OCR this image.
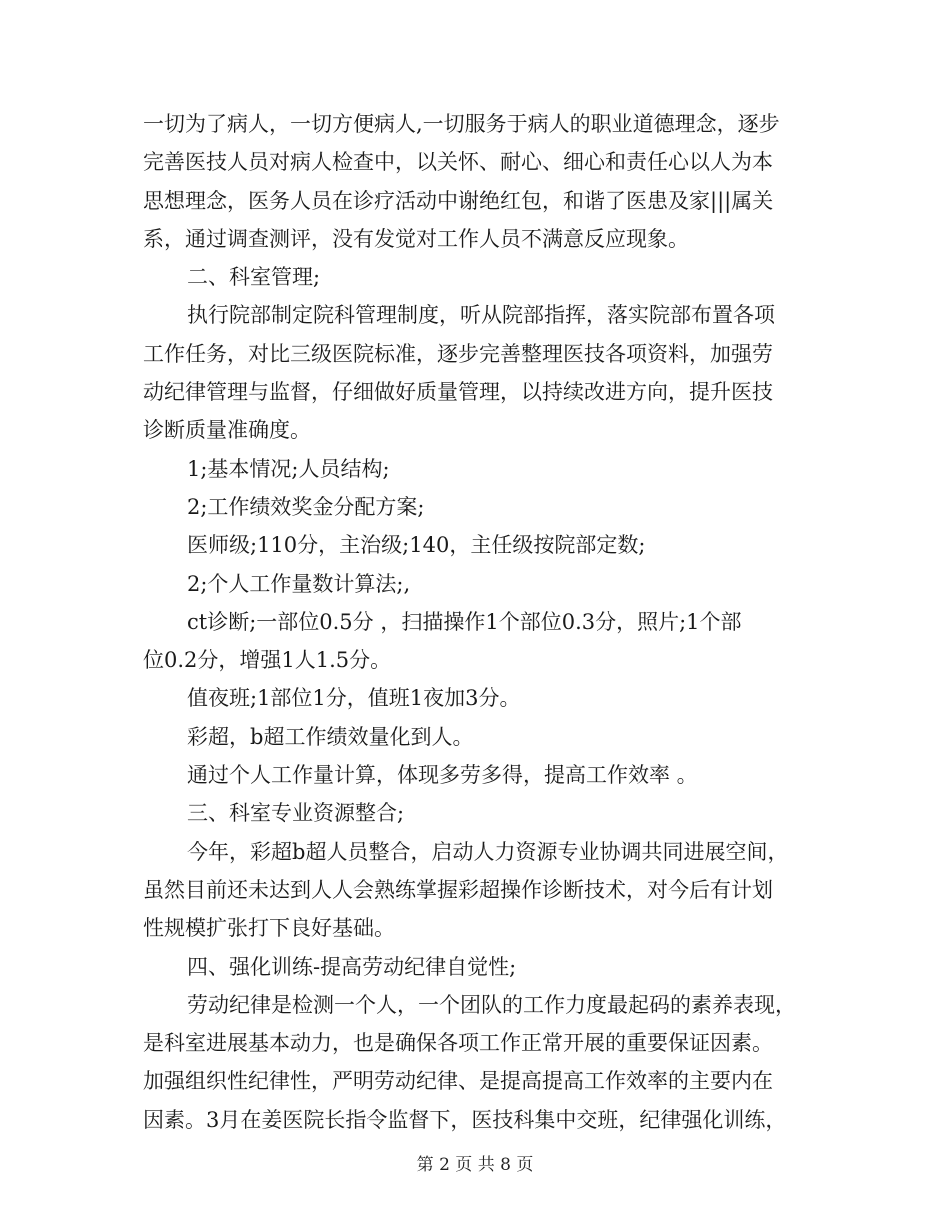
一切为了病人，一切方便病人,一切服务于病人的职业道德理念，逐步
完善医技人员对病人检查中，以关怀、耐心、细心和责任心以人为本
思想理念，医务人员在诊疗活动中谢绝红包，和谐了医患及家|||属关
系，通过调查测评，没有发觉对工作人员不满意反应现象。
二、科室管理;
执行院部制定院科管理制度，听从院部指挥，落实院部布置各项
工作任务，对比三级医院标准，逐步完善整理医技各项资料，加强劳
动纪律管理与监督，仔细做好质量管理，以持续改进方向，提升医技
诊断质量准确度。
1;基本情况;人员结构;
2;工作绩效奖金分配方案;
医师级;110分，主治级;140，主任级按院部定数;
2;个人工作量数计算法;,
ct诊断;一部位0.5分 ，扫描操作1个部位0.3分，照片;1个部
位0.2分，增强1人1.5分。
值夜班;1部位1分，值班1夜加3分。
彩超，b超工作绩效量化到人。
通过个人工作量计算，体现多劳多得，提高工作效率 。
三、科室专业资源整合;
今年，彩超b超人员整合，启动人力资源专业协调共同进展空间，
虽然目前还未达到人人会熟练掌握彩超操作诊断技术，对今后有计划
性规模扩张打下良好基础。
四、强化训练-提高劳动纪律自觉性;
劳动纪律是检测一个人，一个团队的工作力度最起码的素养表现，
是科室进展基本动力，也是确保各项工作正常开展的重要保证因素。
加强组织性纪律性，严明劳动纪律、是提高提高工作效率的主要内在
因素。3月在姜医院长指令监督下，医技科集中交班，纪律强化训练，
第 2 页 共 8 页
